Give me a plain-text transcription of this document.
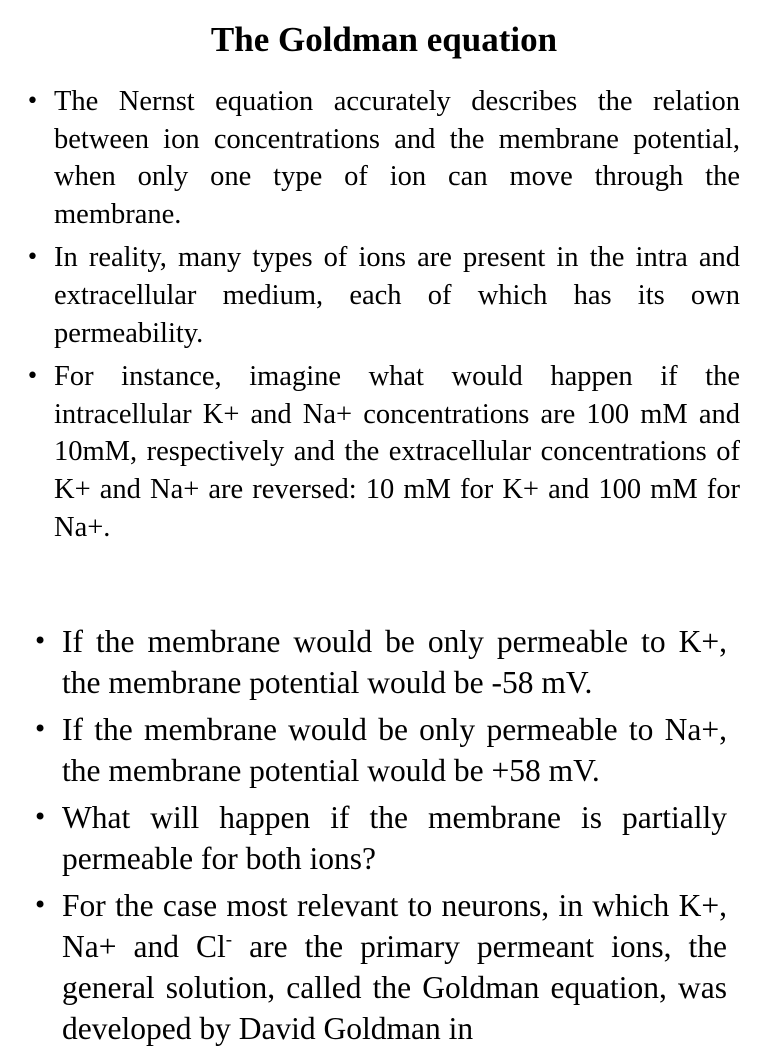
The Goldman equation
• The Nernst equation accurately describes the relation between ion concentrations and the membrane potential, when only one type of ion can move through the membrane.
• In reality, many types of ions are present in the intra and extracellular medium, each of which has its own permeability.
• For instance, imagine what would happen if the intracellular K+ and Na+ concentrations are 100 mM and 10mM, respectively and the extracellular concentrations of K+ and Na+ are reversed: 10 mM for K+ and 100 mM for Na+.
• If the membrane would be only permeable to K+, the membrane potential would be -58 mV.
• If the membrane would be only permeable to Na+, the membrane potential would be +58 mV.
• What will happen if the membrane is partially permeable for both ions?
• For the case most relevant to neurons, in which K+, Na+ and Cl- are the primary permeant ions, the general solution, called the Goldman equation, was developed by David Goldman in
